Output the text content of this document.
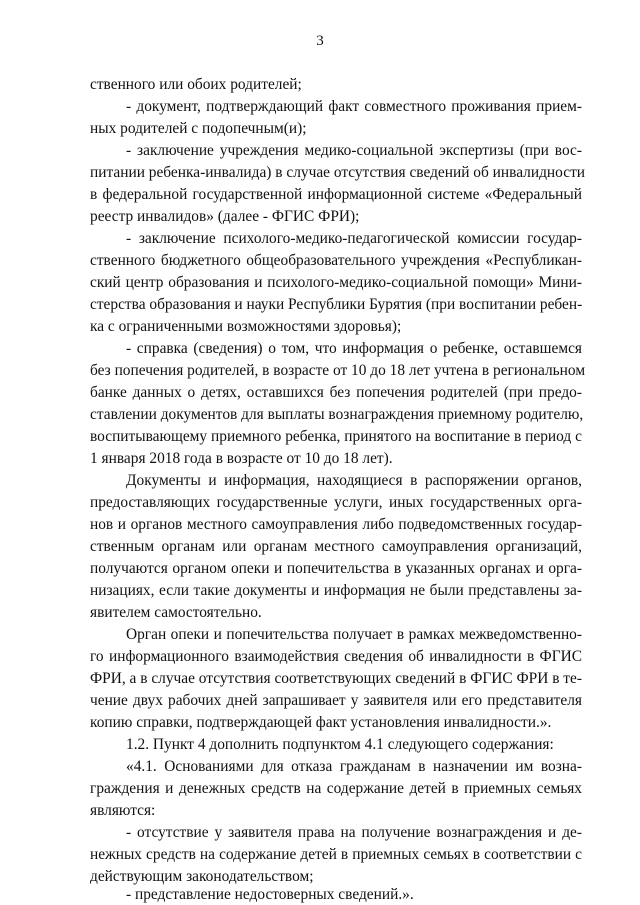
3
ственного или обоих родителей;
- документ, подтверждающий факт совместного проживания прием-
ных родителей с подопечным(и);
- заключение учреждения медико-социальной экспертизы (при вос-
питании ребенка-инвалида) в случае отсутствия сведений об инвалидности
в федеральной государственной информационной системе «Федеральный
реестр инвалидов» (далее - ФГИС ФРИ);
- заключение психолого-медико-педагогической комиссии государ-
ственного бюджетного общеобразовательного учреждения «Республикан-
ский центр образования и психолого-медико-социальной помощи» Мини-
стерства образования и науки Республики Бурятия (при воспитании ребен-
ка с ограниченными возможностями здоровья);
- справка (сведения) о том, что информация о ребенке, оставшемся
без попечения родителей, в возрасте от 10 до 18 лет учтена в региональном
банке данных о детях, оставшихся без попечения родителей (при предо-
ставлении документов для выплаты вознаграждения приемному родителю,
воспитывающему приемного ребенка, принятого на воспитание в период с
1 января 2018 года в возрасте от 10 до 18 лет).
Документы и информация, находящиеся в распоряжении органов,
предоставляющих государственные услуги, иных государственных орга-
нов и органов местного самоуправления либо подведомственных государ-
ственным органам или органам местного самоуправления организаций,
получаются органом опеки и попечительства в указанных органах и орга-
низациях, если такие документы и информация не были представлены за-
явителем самостоятельно.
Орган опеки и попечительства получает в рамках межведомственно-
го информационного взаимодействия сведения об инвалидности в ФГИС
ФРИ, а в случае отсутствия соответствующих сведений в ФГИС ФРИ в те-
чение двух рабочих дней запрашивает у заявителя или его представителя
копию справки, подтверждающей факт установления инвалидности.».
1.2. Пункт 4 дополнить подпунктом 4.1 следующего содержания:
«4.1. Основаниями для отказа гражданам в назначении им возна-
граждения и денежных средств на содержание детей в приемных семьях
являются:
- отсутствие у заявителя права на получение вознаграждения и де-
нежных средств на содержание детей в приемных семьях в соответствии с
действующим законодательством;
- представление недостоверных сведений.».
